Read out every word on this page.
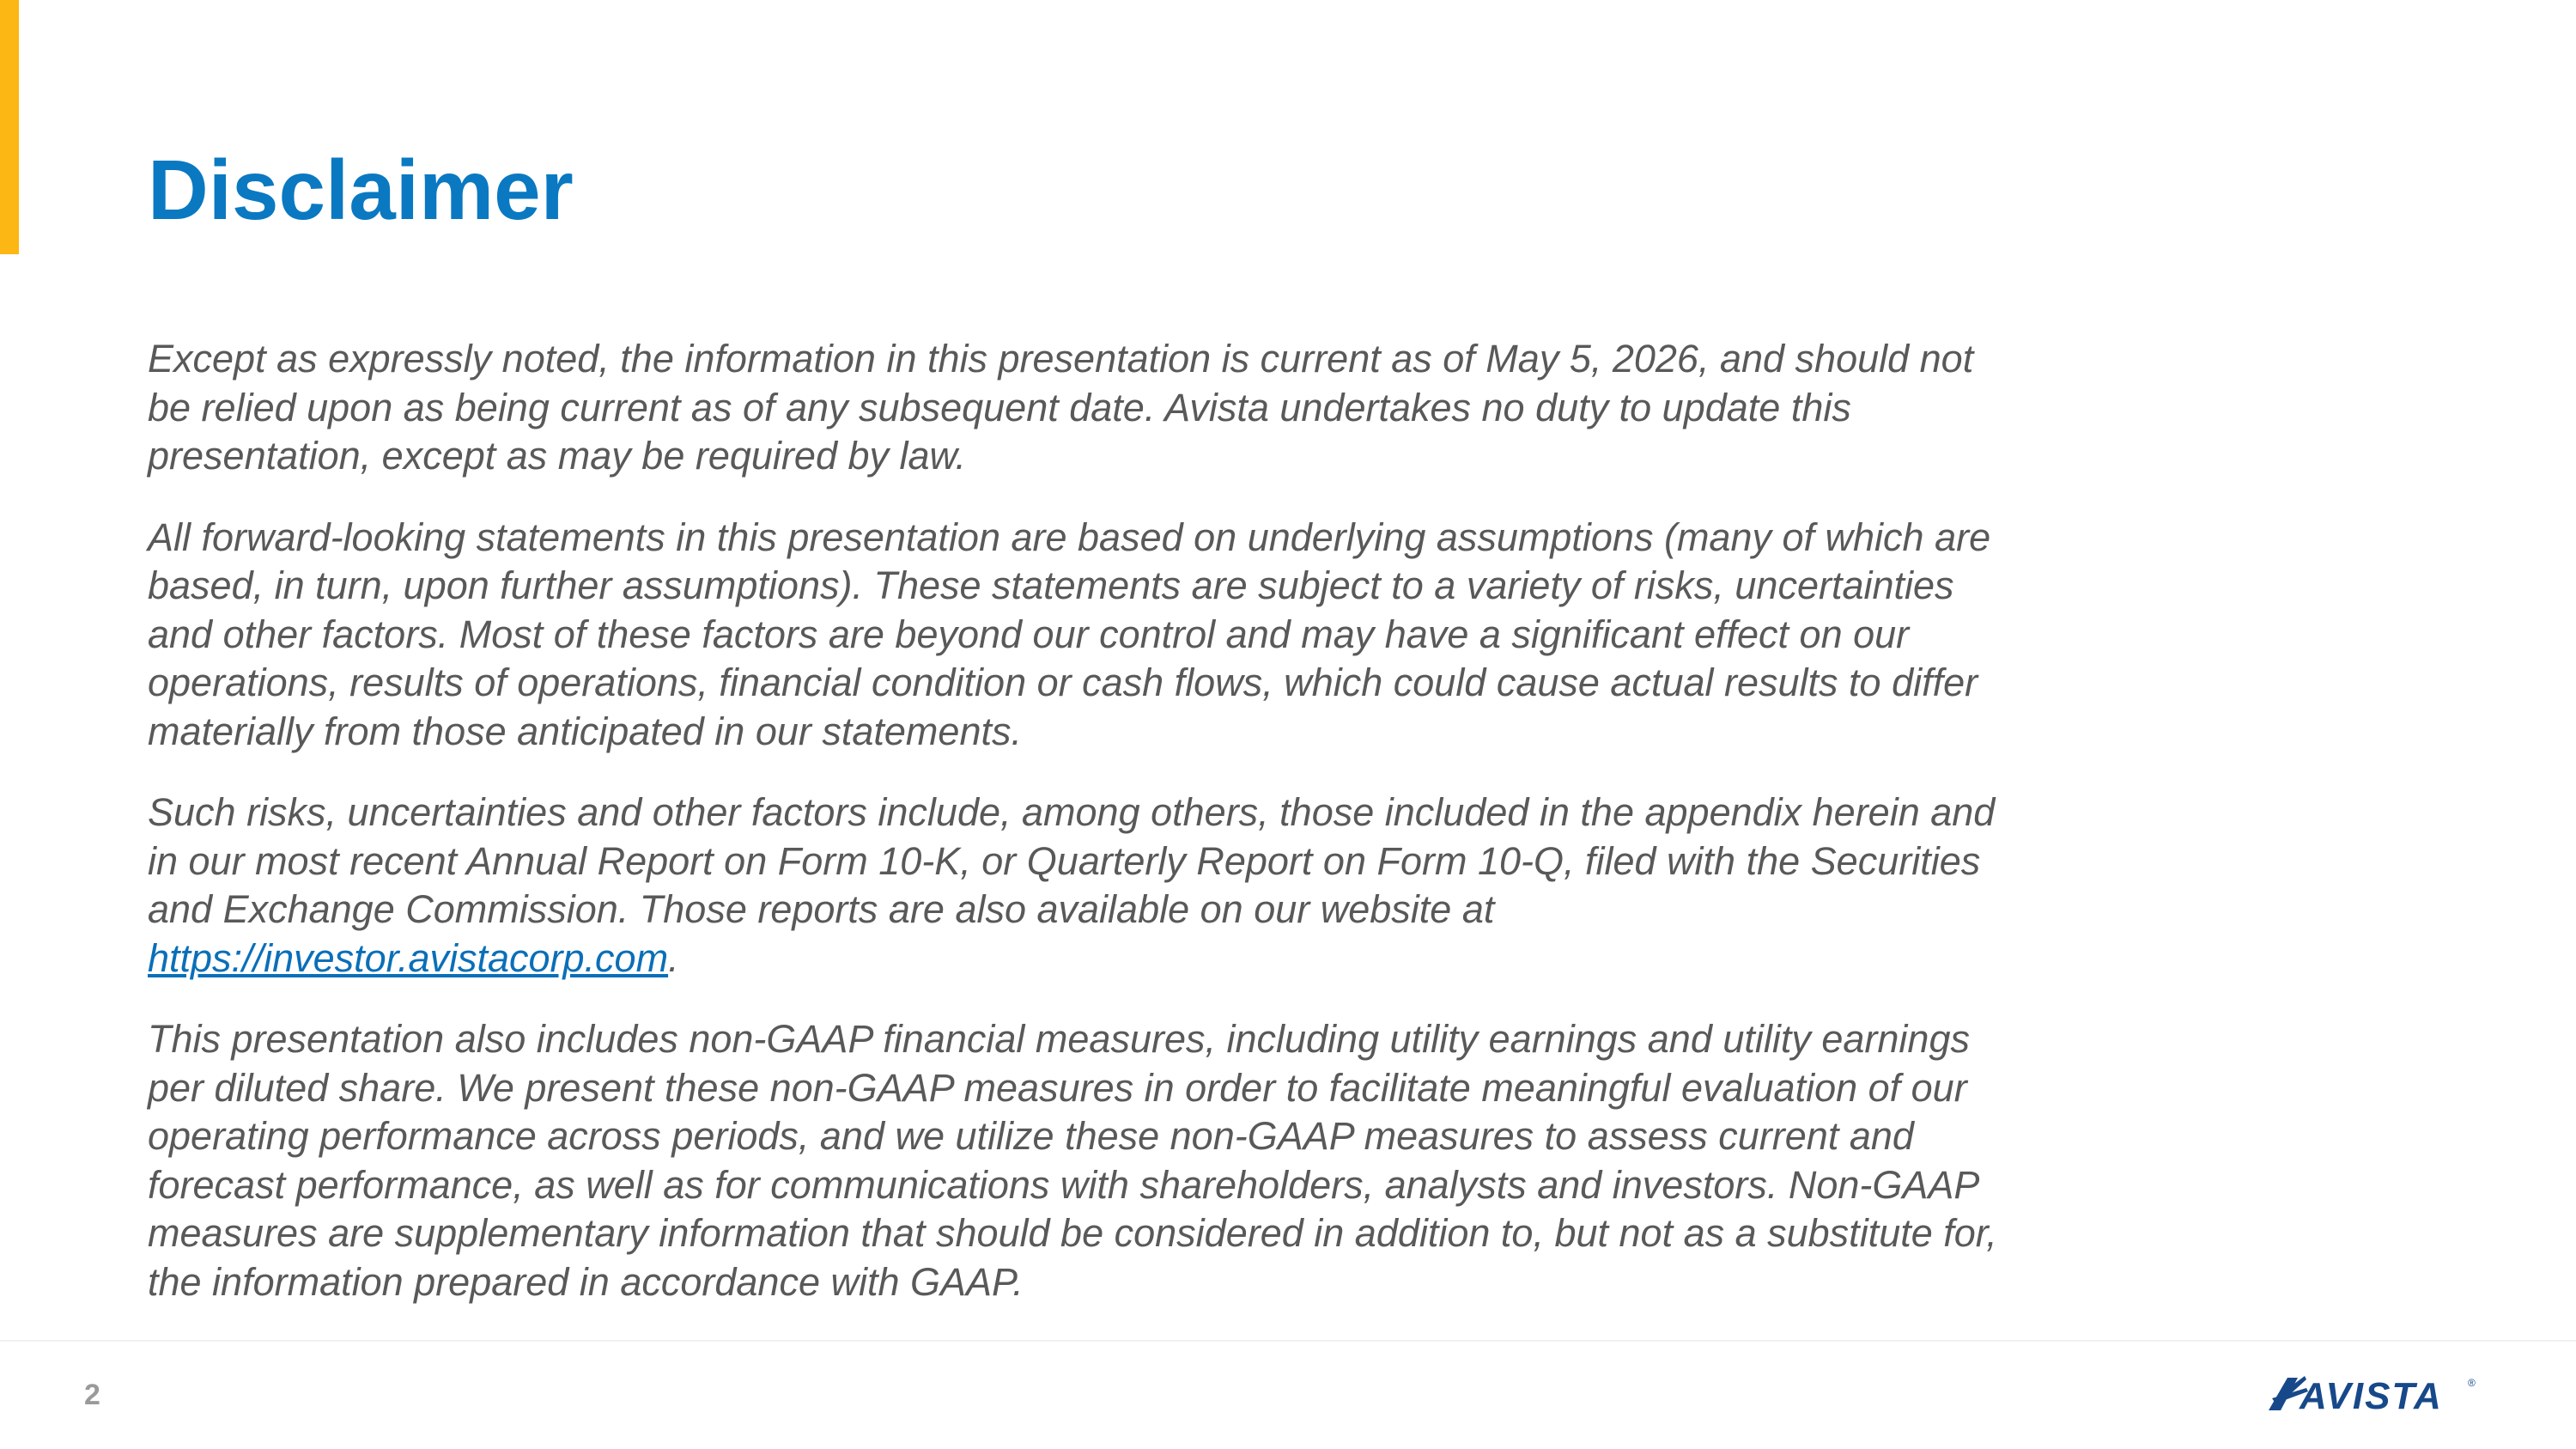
Disclaimer

Except as expressly noted, the information in this presentation is current as of May 5, 2026, and should not be relied upon as being current as of any subsequent date. Avista undertakes no duty to update this presentation, except as may be required by law.

All forward-looking statements in this presentation are based on underlying assumptions (many of which are based, in turn, upon further assumptions). These statements are subject to a variety of risks, uncertainties and other factors. Most of these factors are beyond our control and may have a significant effect on our operations, results of operations, financial condition or cash flows, which could cause actual results to differ materially from those anticipated in our statements.

Such risks, uncertainties and other factors include, among others, those included in the appendix herein and in our most recent Annual Report on Form 10-K, or Quarterly Report on Form 10-Q, filed with the Securities and Exchange Commission. Those reports are also available on our website at https://investor.avistacorp.com.

This presentation also includes non-GAAP financial measures, including utility earnings and utility earnings per diluted share. We present these non-GAAP measures in order to facilitate meaningful evaluation of our operating performance across periods, and we utilize these non-GAAP measures to assess current and forecast performance, as well as for communications with shareholders, analysts and investors. Non-GAAP measures are supplementary information that should be considered in addition to, but not as a substitute for, the information prepared in accordance with GAAP.

2	AVISTA ®
